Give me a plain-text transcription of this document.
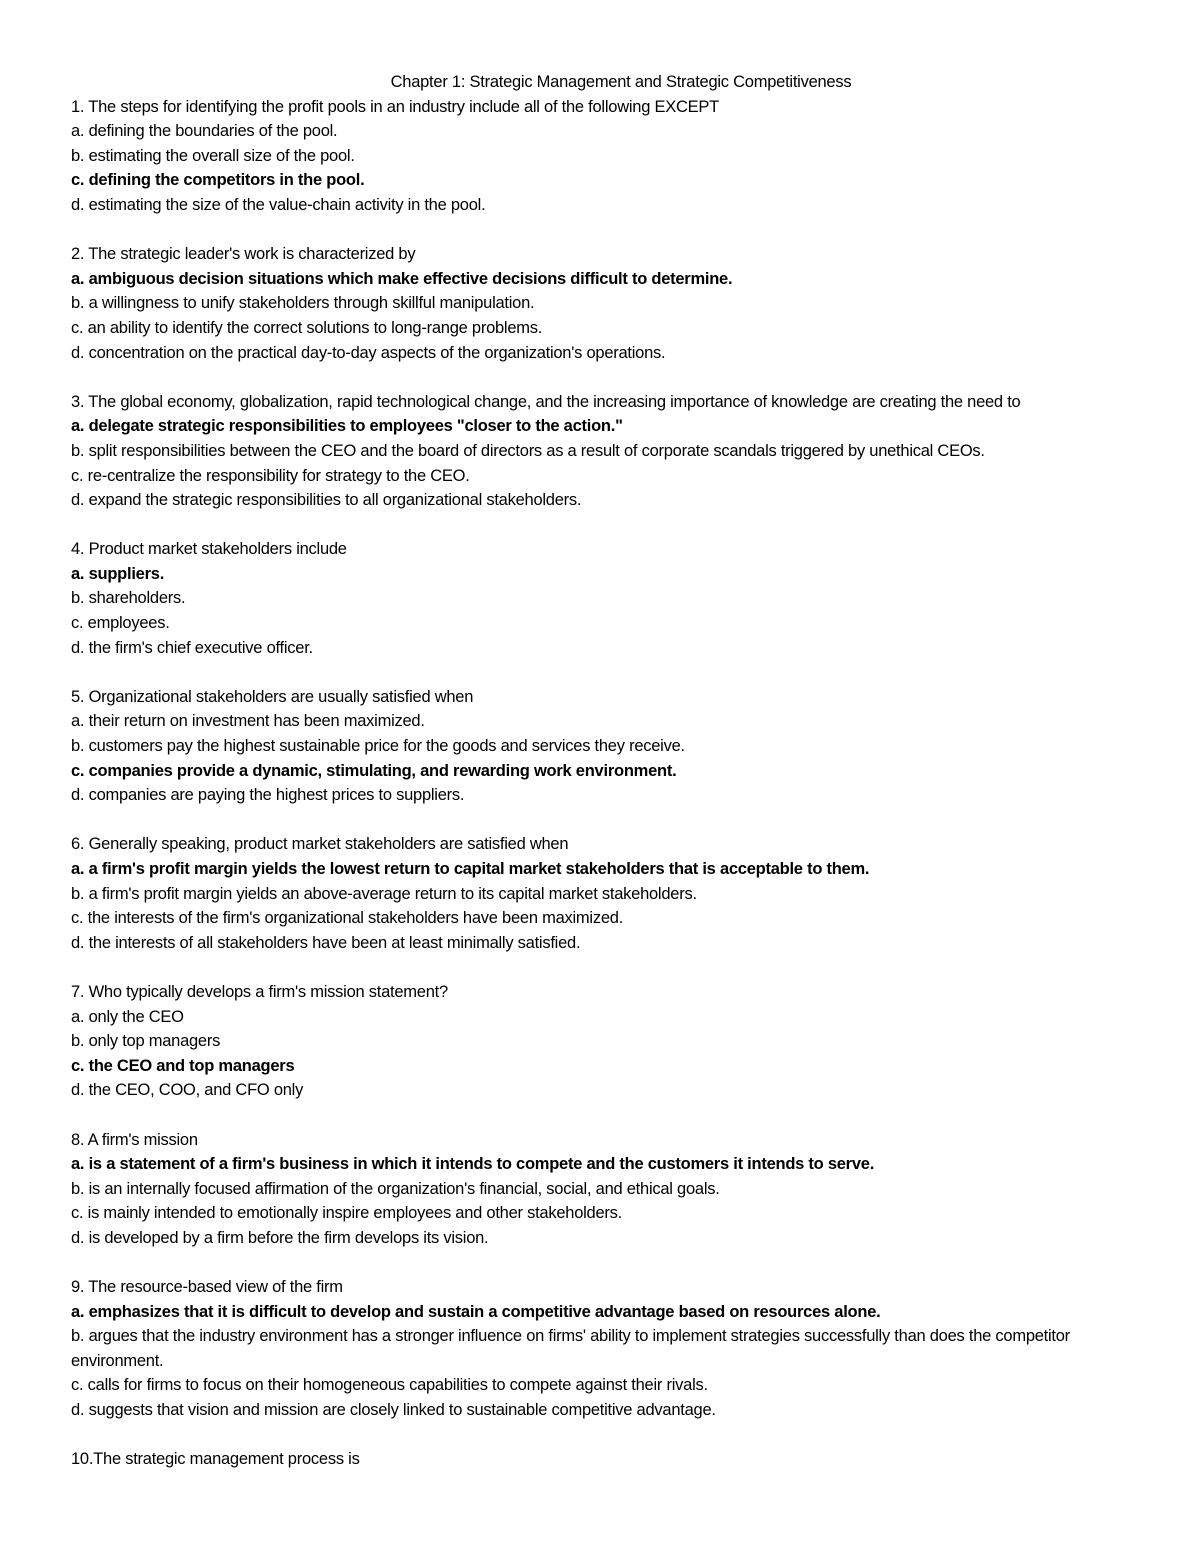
Chapter 1: Strategic Management and Strategic Competitiveness

1. The steps for identifying the profit pools in an industry include all of the following EXCEPT

a. defining the boundaries of the pool.

b. estimating the overall size of the pool.

c. defining the competitors in the pool.

d. estimating the size of the value-chain activity in the pool.

2. The strategic leader's work is characterized by

a. ambiguous decision situations which make effective decisions difficult to determine.

b. a willingness to unify stakeholders through skillful manipulation.

c. an ability to identify the correct solutions to long-range problems.

d. concentration on the practical day-to-day aspects of the organization's operations.

3. The global economy, globalization, rapid technological change, and the increasing importance of knowledge are creating the need to

a. delegate strategic responsibilities to employees "closer to the action."

b. split responsibilities between the CEO and the board of directors as a result of corporate scandals triggered by unethical CEOs.

c. re-centralize the responsibility for strategy to the CEO.

d. expand the strategic responsibilities to all organizational stakeholders.

4. Product market stakeholders include

a. suppliers.

b. shareholders.

c. employees.

d. the firm's chief executive officer.

5. Organizational stakeholders are usually satisfied when

a. their return on investment has been maximized.

b. customers pay the highest sustainable price for the goods and services they receive.

c. companies provide a dynamic, stimulating, and rewarding work environment.

d. companies are paying the highest prices to suppliers.

6. Generally speaking, product market stakeholders are satisfied when

a. a firm's profit margin yields the lowest return to capital market stakeholders that is acceptable to them.

b. a firm's profit margin yields an above-average return to its capital market stakeholders.

c. the interests of the firm's organizational stakeholders have been maximized.

d. the interests of all stakeholders have been at least minimally satisfied.

7. Who typically develops a firm's mission statement?

a. only the CEO

b. only top managers

c. the CEO and top managers

d. the CEO, COO, and CFO only

8. A firm's mission

a. is a statement of a firm's business in which it intends to compete and the customers it intends to serve.

b. is an internally focused affirmation of the organization's financial, social, and ethical goals.

c. is mainly intended to emotionally inspire employees and other stakeholders.

d. is developed by a firm before the firm develops its vision.

9. The resource-based view of the firm

a. emphasizes that it is difficult to develop and sustain a competitive advantage based on resources alone.

b. argues that the industry environment has a stronger influence on firms' ability to implement strategies successfully than does the competitor environment.

c. calls for firms to focus on their homogeneous capabilities to compete against their rivals.

d. suggests that vision and mission are closely linked to sustainable competitive advantage.

10.The strategic management process is
